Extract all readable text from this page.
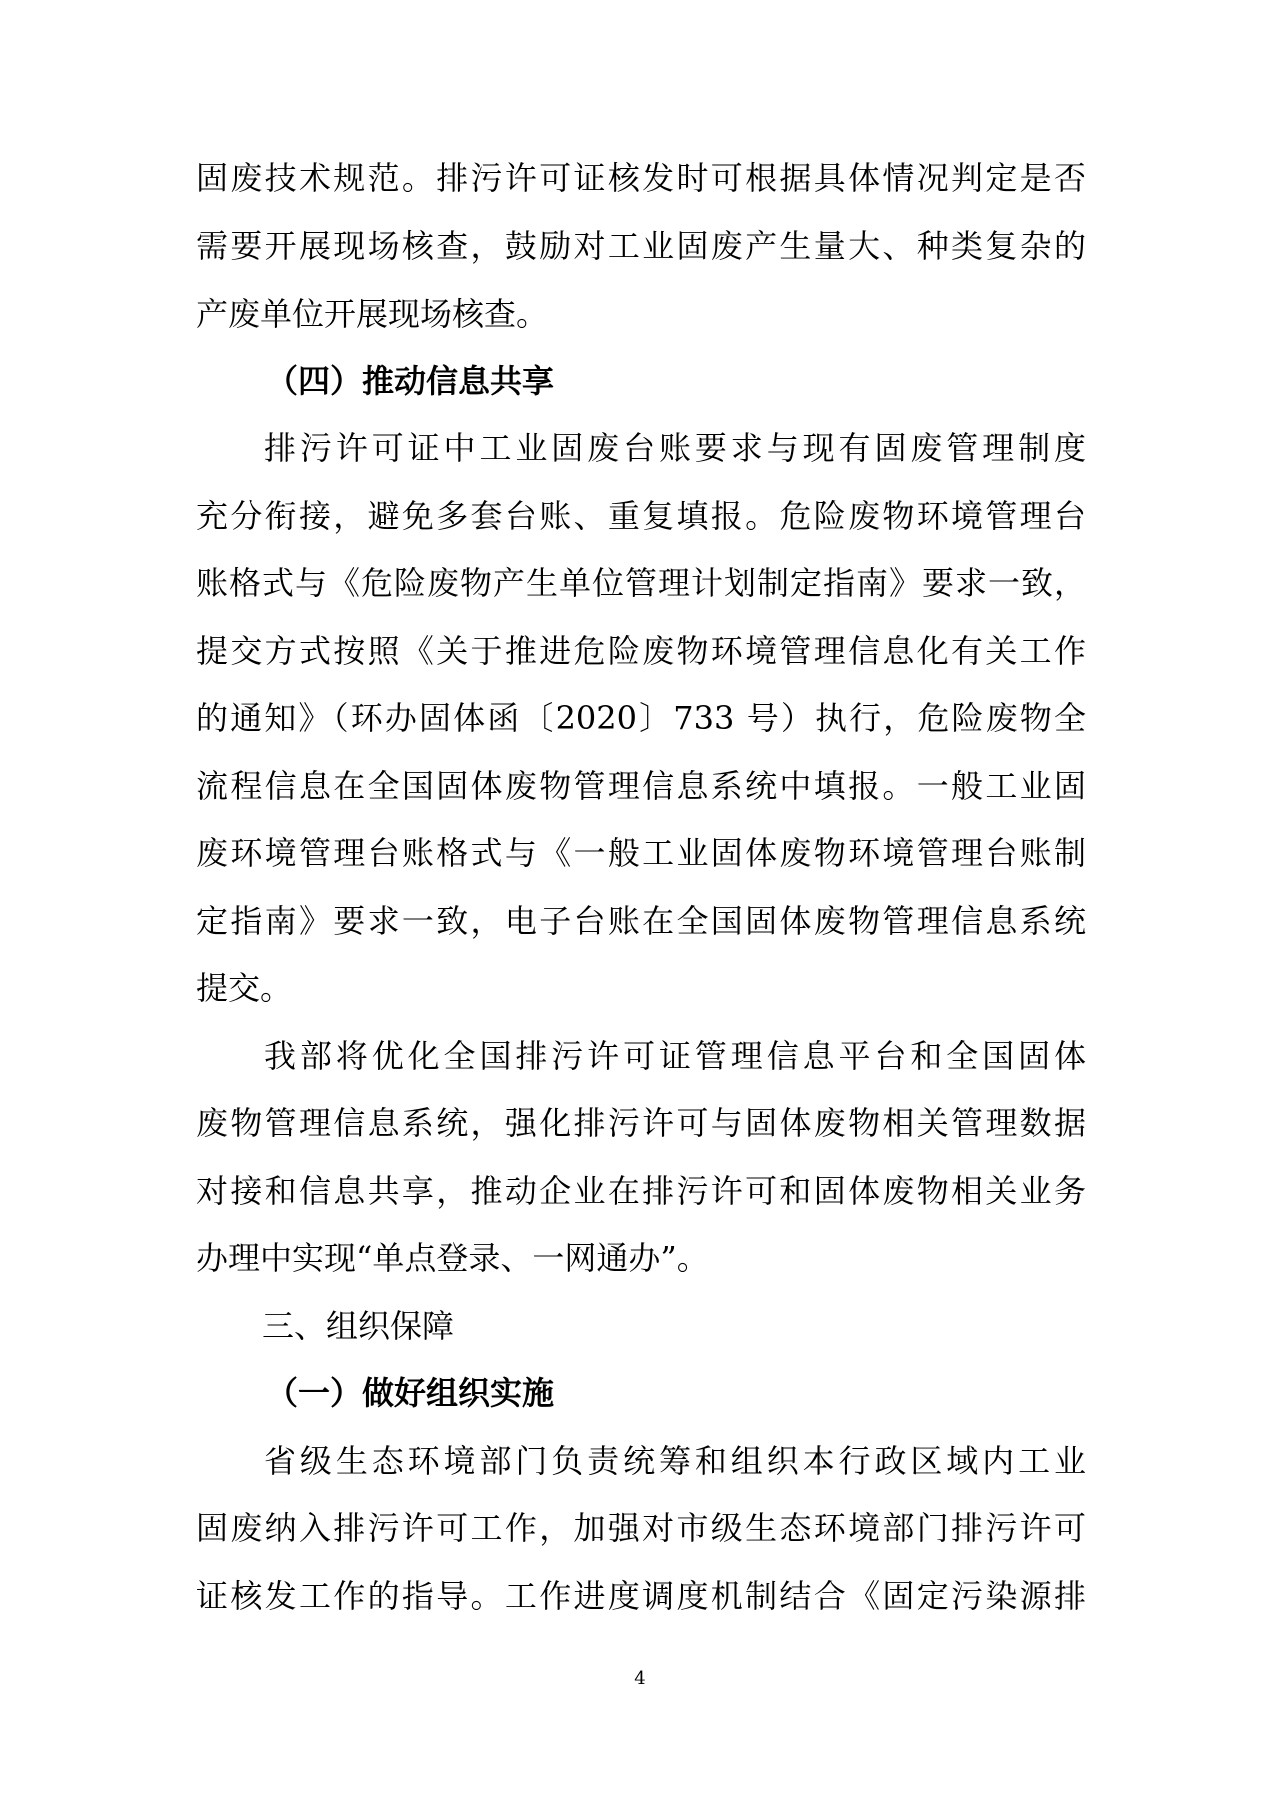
固废技术规范。排污许可证核发时可根据具体情况判定是否
需要开展现场核查，鼓励对工业固废产生量大、种类复杂的
产废单位开展现场核查。
（四）推动信息共享
排污许可证中工业固废台账要求与现有固废管理制度
充分衔接，避免多套台账、重复填报。危险废物环境管理台
账格式与《危险废物产生单位管理计划制定指南》要求一致，
提交方式按照《关于推进危险废物环境管理信息化有关工作
的通知》（环办固体函〔2020〕733 号）执行，危险废物全
流程信息在全国固体废物管理信息系统中填报。一般工业固
废环境管理台账格式与《一般工业固体废物环境管理台账制
定指南》要求一致，电子台账在全国固体废物管理信息系统
提交。
我部将优化全国排污许可证管理信息平台和全国固体
废物管理信息系统，强化排污许可与固体废物相关管理数据
对接和信息共享，推动企业在排污许可和固体废物相关业务
办理中实现“单点登录、一网通办”。
三、组织保障
（一）做好组织实施
省级生态环境部门负责统筹和组织本行政区域内工业
固废纳入排污许可工作，加强对市级生态环境部门排污许可
证核发工作的指导。工作进度调度机制结合《固定污染源排
4
